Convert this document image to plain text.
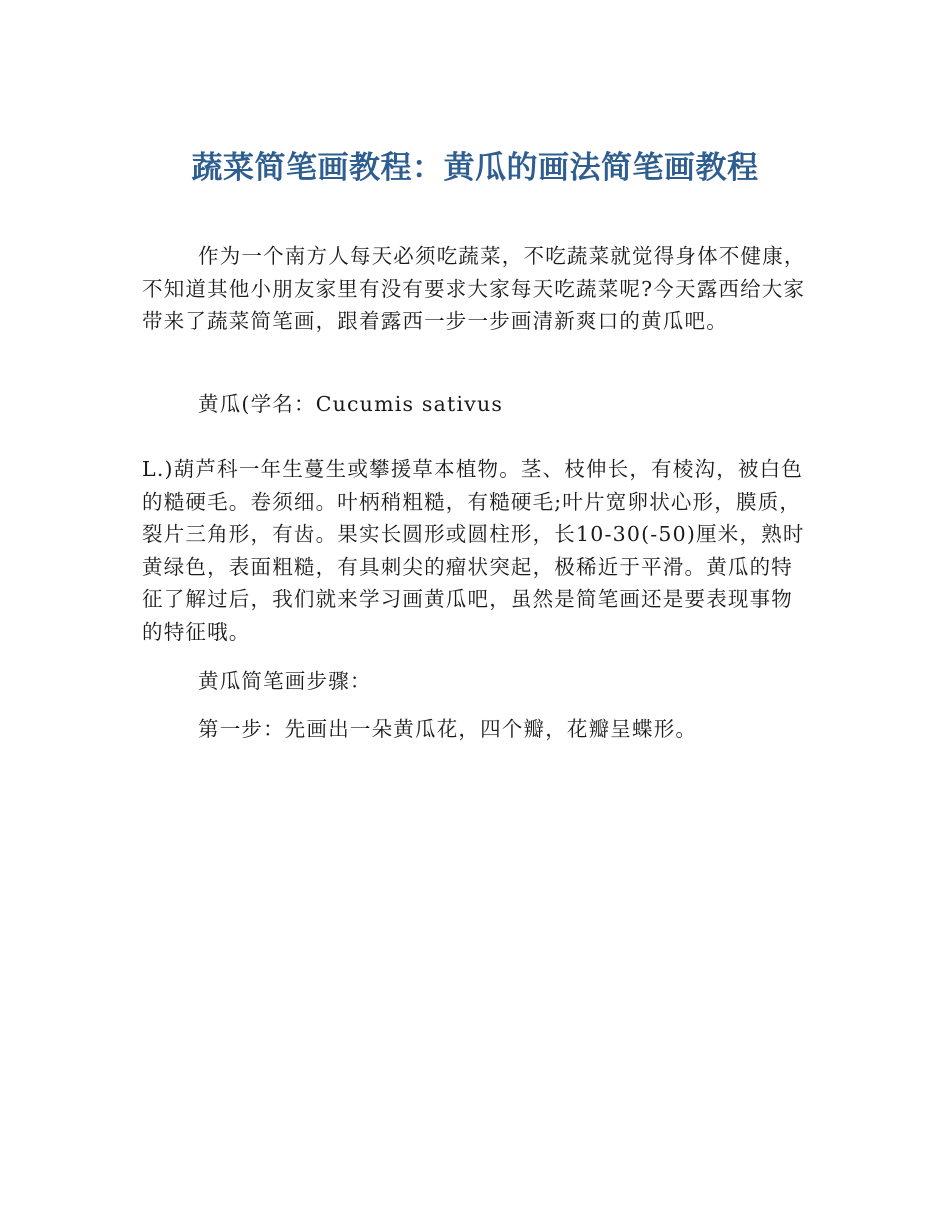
蔬菜简笔画教程：黄瓜的画法简笔画教程

作为一个南方人每天必须吃蔬菜，不吃蔬菜就觉得身体不健康，不知道其他小朋友家里有没有要求大家每天吃蔬菜呢?今天露西给大家带来了蔬菜简笔画，跟着露西一步一步画清新爽口的黄瓜吧。

黄瓜(学名：Cucumis sativus

L.)葫芦科一年生蔓生或攀援草本植物。茎、枝伸长，有棱沟，被白色的糙硬毛。卷须细。叶柄稍粗糙，有糙硬毛;叶片宽卵状心形，膜质，裂片三角形，有齿。果实长圆形或圆柱形，长10-30(-50)厘米，熟时黄绿色，表面粗糙，有具刺尖的瘤状突起，极稀近于平滑。黄瓜的特征了解过后，我们就来学习画黄瓜吧，虽然是简笔画还是要表现事物的特征哦。

黄瓜简笔画步骤：

第一步：先画出一朵黄瓜花，四个瓣，花瓣呈蝶形。
